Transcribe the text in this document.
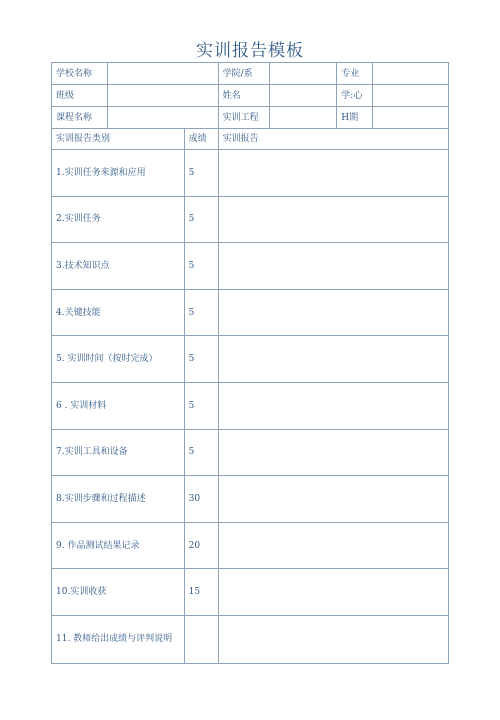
实训报告模板
学校名称	学院/系	专业
班级	姓名	学:心
课程名称	实训工程	H期
实训报告类别	成绩	实训报告
1.实训任务来源和应用	5
2.实训任务	5
3.技术知识点	5
4.关键技能	5
5. 实训时间（按时完成）	5
6 . 实训材料	5
7.实训工具和设备	5
8.实训步骤和过程描述	30
9. 作品测试结果记录	20
10.实训收获	15
11. 教师给出成绩与评判说明
